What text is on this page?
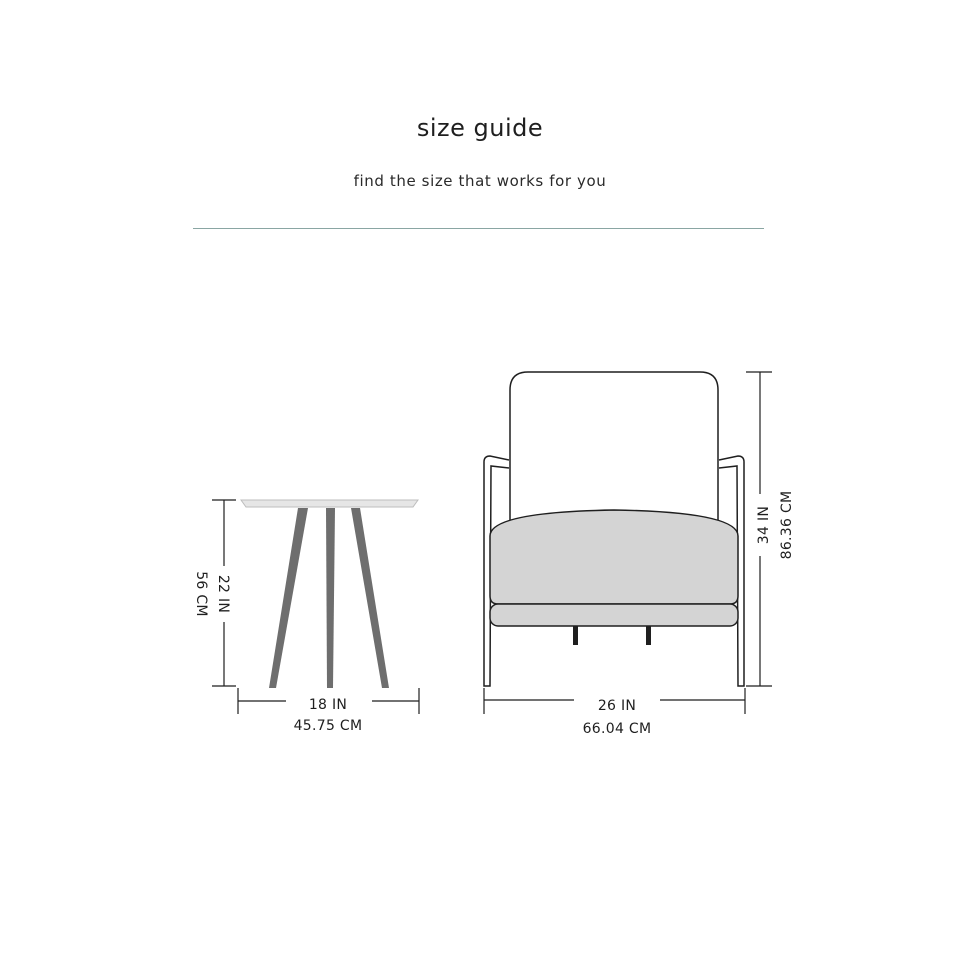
size guide
find the size that works for you
22 IN
56 CM
18 IN
45.75 CM
34 IN 86.36 CM
26 IN
66.04 CM
